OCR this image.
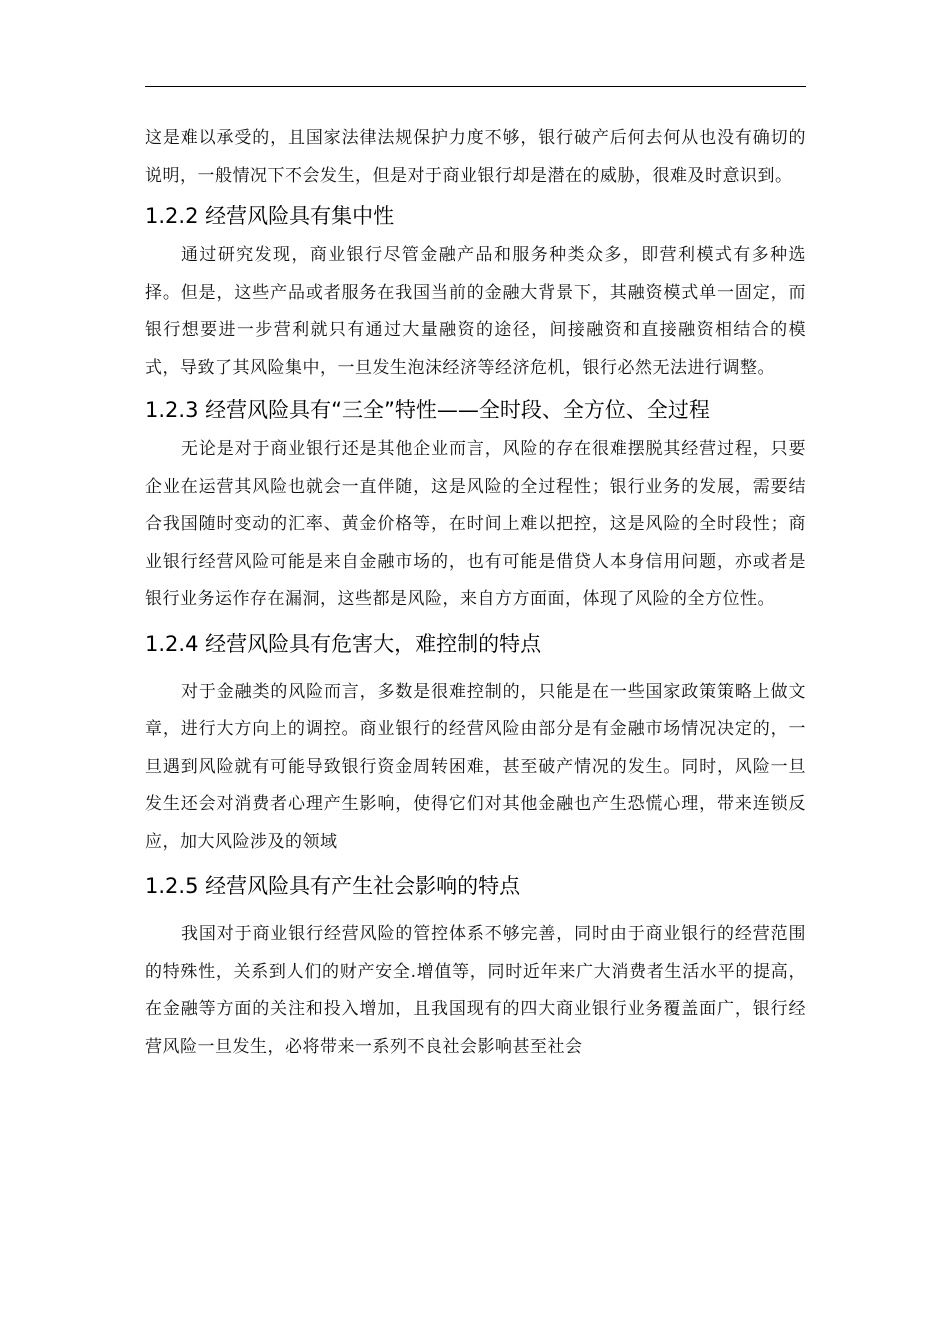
这是难以承受的，且国家法律法规保护力度不够，银行破产后何去何从也没有确切的说明，一般情况下不会发生，但是对于商业银行却是潜在的威胁，很难及时意识到。

1.2.2 经营风险具有集中性

通过研究发现，商业银行尽管金融产品和服务种类众多，即营利模式有多种选择。但是，这些产品或者服务在我国当前的金融大背景下，其融资模式单一固定，而银行想要进一步营利就只有通过大量融资的途径，间接融资和直接融资相结合的模式，导致了其风险集中，一旦发生泡沫经济等经济危机，银行必然无法进行调整。

1.2.3 经营风险具有“三全”特性——全时段、全方位、全过程

无论是对于商业银行还是其他企业而言，风险的存在很难摆脱其经营过程，只要企业在运营其风险也就会一直伴随，这是风险的全过程性；银行业务的发展，需要结合我国随时变动的汇率、黄金价格等，在时间上难以把控，这是风险的全时段性；商业银行经营风险可能是来自金融市场的，也有可能是借贷人本身信用问题，亦或者是银行业务运作存在漏洞，这些都是风险，来自方方面面，体现了风险的全方位性。

1.2.4 经营风险具有危害大，难控制的特点

对于金融类的风险而言，多数是很难控制的，只能是在一些国家政策策略上做文章，进行大方向上的调控。商业银行的经营风险由部分是有金融市场情况决定的，一旦遇到风险就有可能导致银行资金周转困难，甚至破产情况的发生。同时，风险一旦发生还会对消费者心理产生影响，使得它们对其他金融也产生恐慌心理，带来连锁反应，加大风险涉及的领域

1.2.5 经营风险具有产生社会影响的特点

我国对于商业银行经营风险的管控体系不够完善，同时由于商业银行的经营范围的特殊性，关系到人们的财产安全.增值等，同时近年来广大消费者生活水平的提高，在金融等方面的关注和投入增加，且我国现有的四大商业银行业务覆盖面广，银行经营风险一旦发生，必将带来一系列不良社会影响甚至社会
